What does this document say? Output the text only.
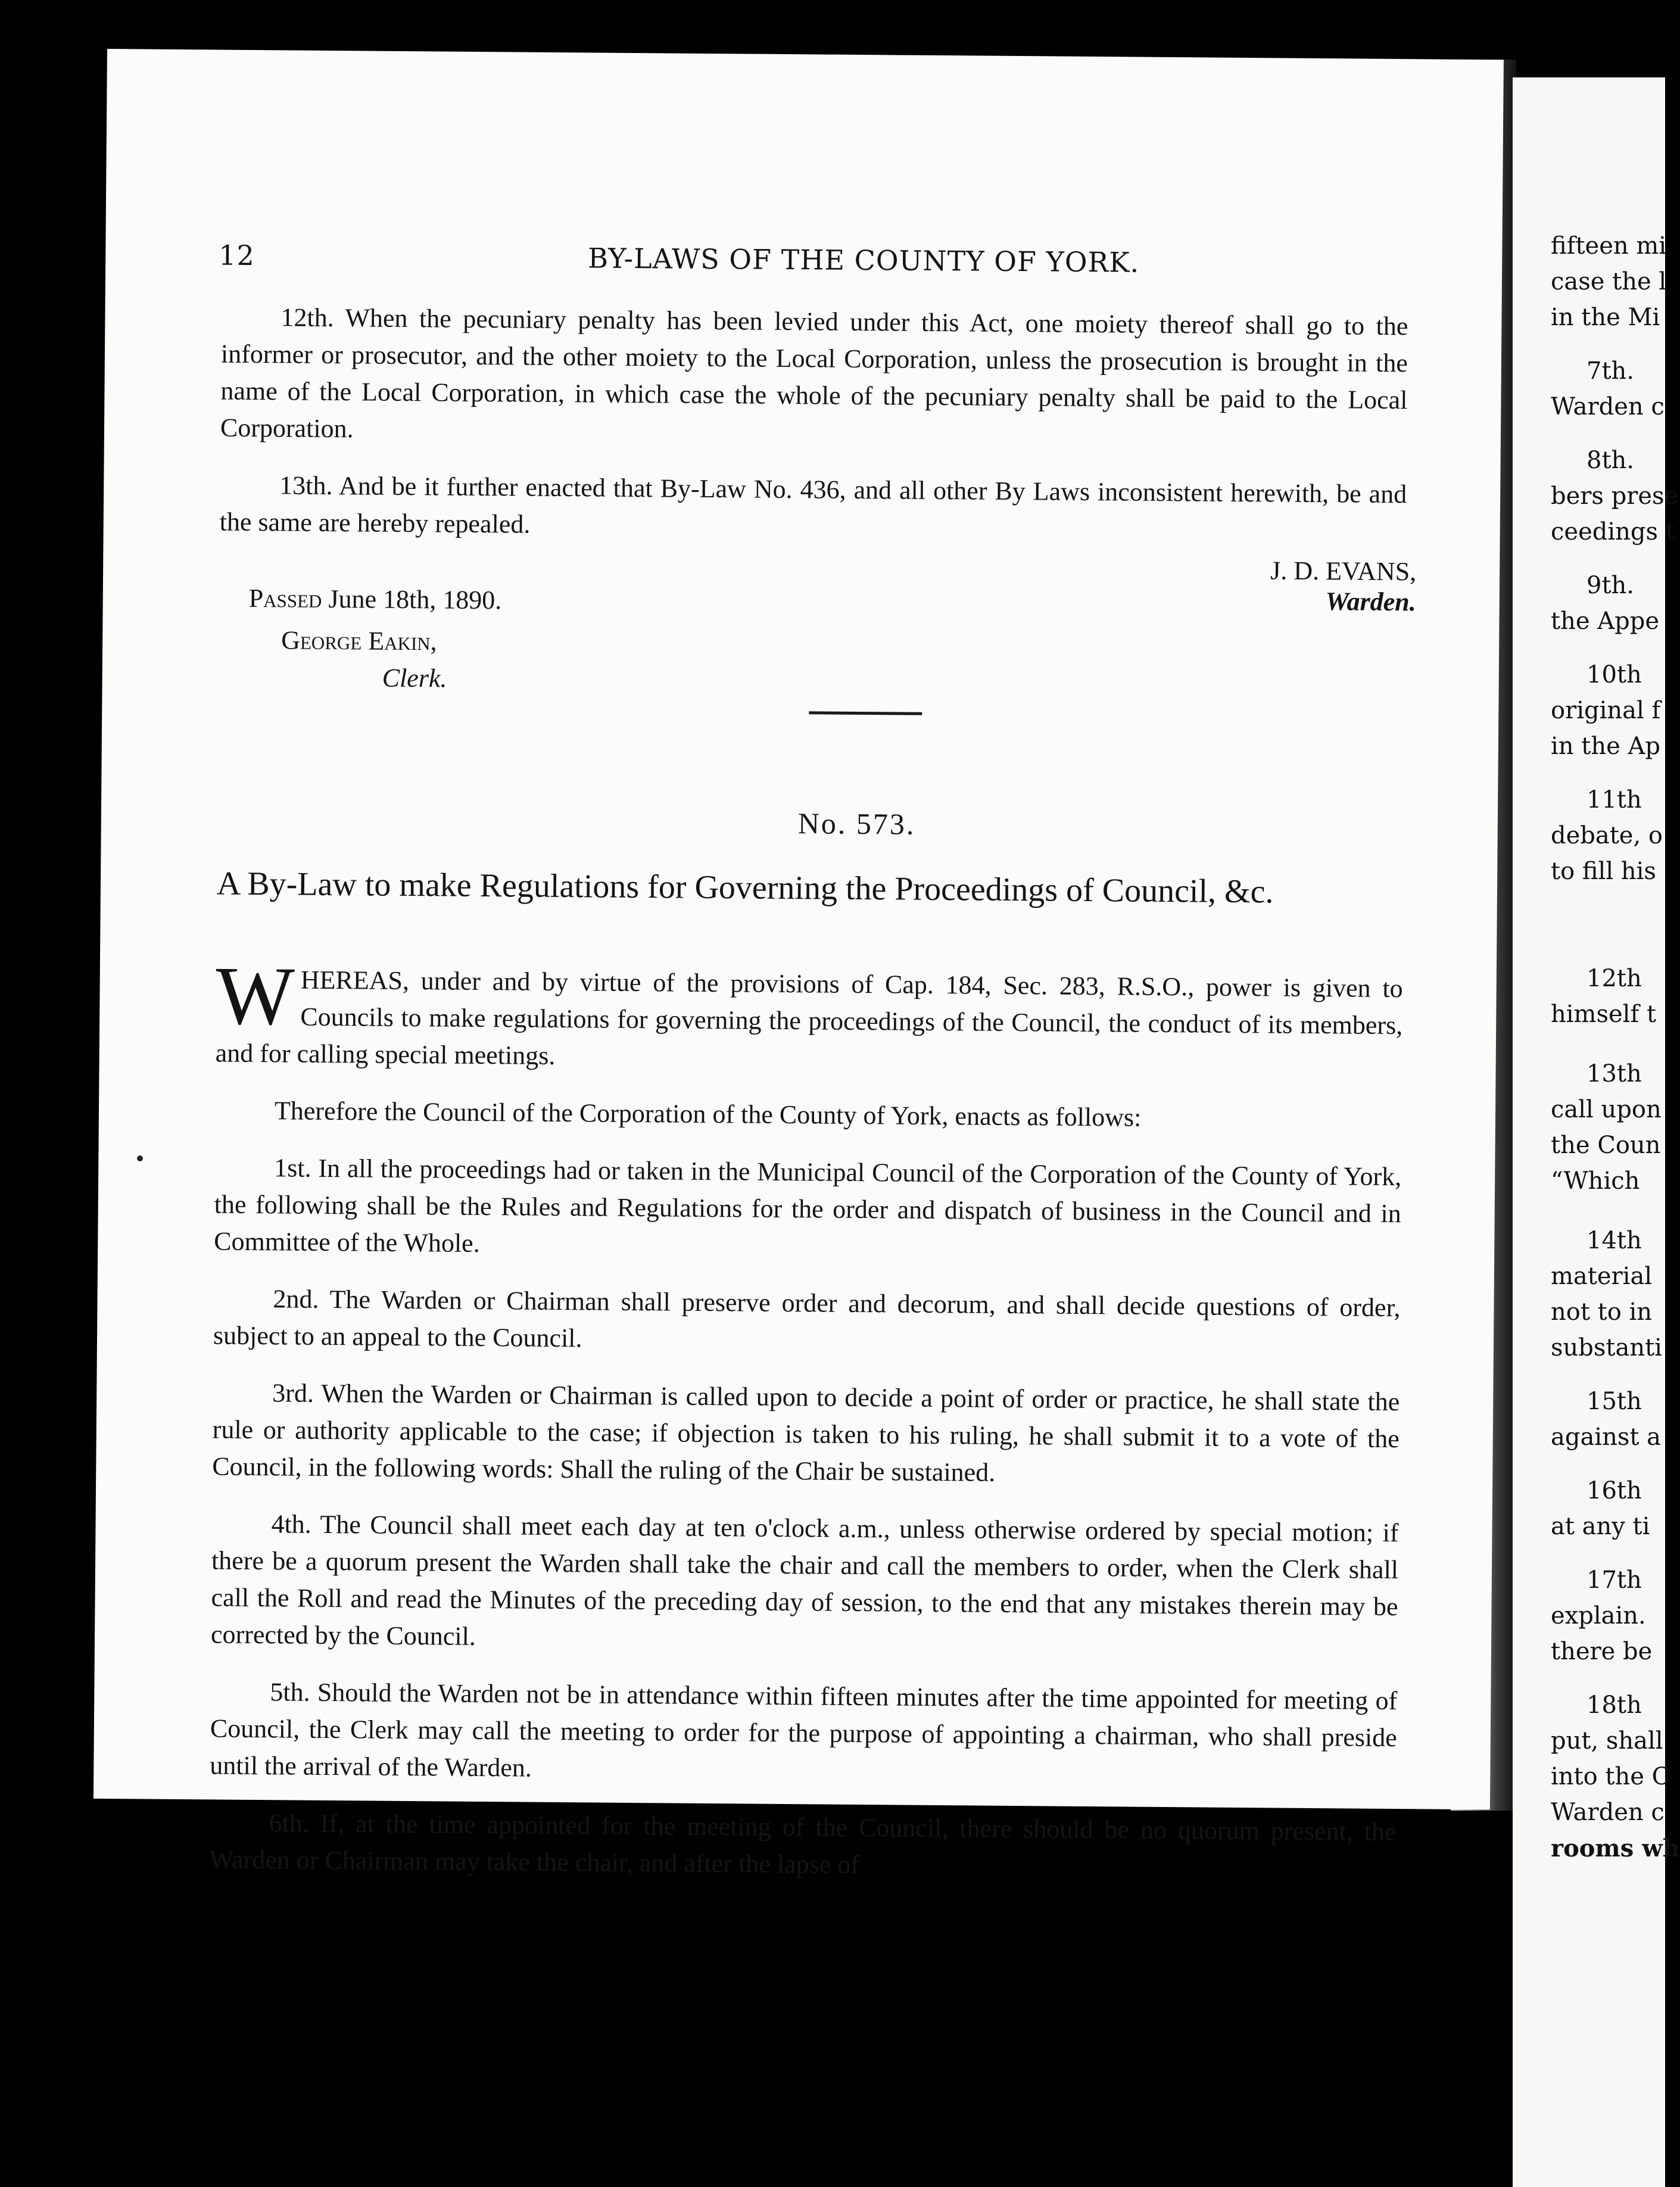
12	BY-LAWS OF THE COUNTY OF YORK.

12th. When the pecuniary penalty has been levied under this Act, one moiety thereof shall go to the informer or prosecutor, and the other moiety to the Local Corporation, unless the prosecution is brought in the name of the Local Corporation, in which case the whole of the pecuniary penalty shall be paid to the Local Corporation.

13th. And be it further enacted that By-Law No. 436, and all other By Laws inconsistent herewith, be and the same are hereby repealed.

J. D. EVANS,
Warden.
Passed June 18th, 1890.
George Eakin,
Clerk.
No. 573.
A By-Law to make Regulations for Governing the Proceedings of Council, &c.

WHEREAS, under and by virtue of the provisions of Cap. 184, Sec. 283, R.S.O., power is given to Councils to make regulations for governing the proceedings of the Council, the conduct of its members, and for calling special meetings.

Therefore the Council of the Corporation of the County of York, enacts as follows:

1st. In all the proceedings had or taken in the Municipal Council of the Corporation of the County of York, the following shall be the Rules and Regulations for the order and dispatch of business in the Council and in Committee of the Whole.

2nd. The Warden or Chairman shall preserve order and decorum, and shall decide questions of order, subject to an appeal to the Council.

3rd. When the Warden or Chairman is called upon to decide a point of order or practice, he shall state the rule or authority applicable to the case; if objection is taken to his ruling, he shall submit it to a vote of the Council, in the following words: Shall the ruling of the Chair be sustained.

4th. The Council shall meet each day at ten o'clock a.m., unless otherwise ordered by special motion; if there be a quorum present the Warden shall take the chair and call the members to order, when the Clerk shall call the Roll and read the Minutes of the preceding day of session, to the end that any mistakes therein may be corrected by the Council.

5th. Should the Warden not be in attendance within fifteen minutes after the time appointed for meeting of Council, the Clerk may call the meeting to order for the purpose of appointing a chairman, who shall preside until the arrival of the Warden.

6th. If, at the time appointed for the meeting of the Council, there should be no quorum present, the Warden or Chairman may take the chair, and after the lapse of

fifteen mi
case the l
in the Mi
7th.
Warden c
8th.
bers prese
ceedings t
9th.
the Appe
10th
original f
in the Ap
11th
debate, o
to fill his
12th
himself t
13th
call upon
the Coun
“Which
14th
material
not to in
substanti
15th
against a
16th
at any ti
17th
explain.
there be
18th
put, shall
into the C
Warden c
rooms wh
